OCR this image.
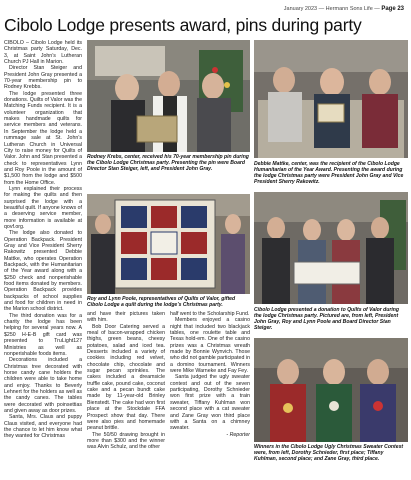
January 2023 — Hermann Sons Life — Page 23
Cibolo Lodge presents award, pins during party

CIBOLO – Cibolo Lodge held its Christmas party Saturday, Dec. 3, at Saint John’s Lutheran Church PJ Hall in Marion.

Director Stan Steiger and President John Gray presented a 70-year membership pin to Rodney Krebbs.

The lodge presented three donations. Quilts of Valor was the Matching Funds recipient. It is a volunteer organization that makes handmade quilts for service members and veterans. In September the lodge held a rummage sale at St. John’s Lutheran Church in Universal City to raise money for Quilts of Valor. John and Stan presented a check to representatives Lynn and Roy Poole in the amount of $1,500 from the lodge and $500 from the Home Office.

Lynn explained their process for making the quilts and then surprised the lodge with a beautiful quilt. If anyone knows of a deserving service member, more information is available at qovf.org.

The lodge also donated to Operation Backpack. President Gray and Vice President Sherry Rakowitz presented Debbie Mattke, who operates Operation Backpack, with the Humanitarian of the Year award along with a $250 check and nonperishable food items donated by members. Operation Backpack provides backpacks of school supplies and food for children in need in the Marion school district.

The third donation was for a charity the lodge has been helping for several years now. A $250 H-E-B gift card was presented to TruLight127 Ministries as well as nonperishable foods items.

Decorations included a Christmas tree decorated with horse candy cane holders the children were able to take home and enjoy. Thanks to Beverly Lehnert for the holders as well as the candy canes. The tables were decorated with poinsettias and given away as door prizes.

Santa, Mrs. Claus and puppy Claus visited, and everyone had the chance to let him know what they wanted for Christmas

Rodney Krebs, center, received his 70-year membership pin during the Cibolo Lodge Christmas party. Presenting the pin were Board Director Stan Steiger, left, and President John Gray.
Debbie Mattke, center, was the recipient of the Cibolo Lodge Humanitarian of the Year Award. Presenting the award during the lodge Christmas party were President John Gray and Vice President Sherry Rakowitz.
Roy and Lynn Poole, representatives of Quilts of Valor, gifted Cibolo Lodge a quilt during the lodge’s Christmas party.
Cibolo Lodge presented a donation to Quilts of Valor during the lodge Christmas party. Pictured are, from left, President John Gray, Roy and Lynn Poole and Board Director Stan Steiger.

and have their pictures taken with him.

Bob Door Catering served a meal of bacon-wrapped chicken thighs, green beans, cheesy potatoes, salad and iced tea. Desserts included a variety of cookies including red velvet, chocolate chip, chocolate and sugar pecan sprinkles. The cakes included a dreamsicle truffle cake, pound cake, coconut cake and a pecan bundt cake made by 11-year-old Brinley Bienstedt. The cake had won first place at the Stockdale FFA Prospect show that day. There were also pies and homemade peanut brittle.

The 50/50 drawing brought in more than $300 and the winner was Alvin Schulz, and the other

half went to the Scholarship Fund.

Members enjoyed a casino night that included two blackjack tables, one roulette table and Texas hold-em. One of the casino prizes was a Christmas wreath made by Bonnie Wynvich. Those who did not gamble participated in a domino tournament. Winners were Mike Warneke and Fay Fey.

Santa judged the ugly sweater contest and out of the seven participating, Dorothy Schnieder won first prize with a train sweater, Tiffany Kuhlman won second place with a cat sweater and Zane Gray won third place with a Santa on a chimney sweater.

- Reporter

Winners in the Cibolo Lodge Ugly Christmas Sweater Contest were, from left, Dorothy Schnieder, first place; Tiffany Kuhlman, second place; and Zane Gray, third place.
